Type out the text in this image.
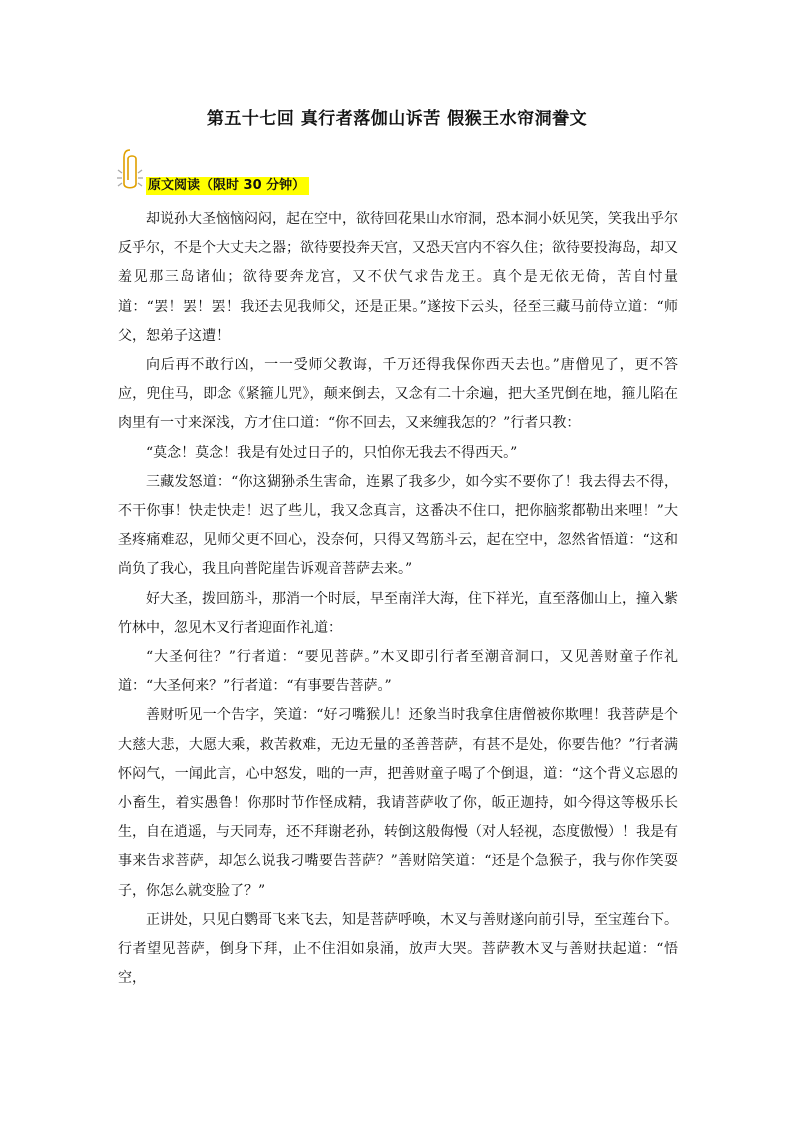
第五十七回 真行者落伽山诉苦 假猴王水帘洞誊文
原文阅读（限时 30 分钟）

却说孙大圣恼恼闷闷，起在空中，欲待回花果山水帘洞，恐本洞小妖见笑，笑我出乎尔反乎尔，不是个大丈夫之器；欲待要投奔天宫，又恐天宫内不容久住；欲待要投海岛，却又羞见那三岛诸仙；欲待要奔龙宫，又不伏气求告龙王。真个是无依无倚，苦自忖量道：“罢！罢！罢！我还去见我师父，还是正果。”遂按下云头，径至三藏马前侍立道：“师父，恕弟子这遭！

向后再不敢行凶，一一受师父教诲，千万还得我保你西天去也。”唐僧见了，更不答应，兜住马，即念《紧箍儿咒》，颠来倒去，又念有二十余遍，把大圣咒倒在地，箍儿陷在肉里有一寸来深浅，方才住口道：“你不回去，又来缠我怎的？”行者只教：

“莫念！莫念！我是有处过日子的，只怕你无我去不得西天。”

三藏发怒道：“你这猢狲杀生害命，连累了我多少，如今实不要你了！我去得去不得，不干你事！快走快走！迟了些儿，我又念真言，这番决不住口，把你脑浆都勒出来哩！”大圣疼痛难忍，见师父更不回心，没奈何，只得又驾筋斗云，起在空中，忽然省悟道：“这和尚负了我心，我且向普陀崖告诉观音菩萨去来。”

好大圣，拨回筋斗，那消一个时辰，早至南洋大海，住下祥光，直至落伽山上，撞入紫竹林中，忽见木叉行者迎面作礼道：

“大圣何往？”行者道：“要见菩萨。”木叉即引行者至潮音洞口，又见善财童子作礼道：“大圣何来？”行者道：“有事要告菩萨。”

善财听见一个告字，笑道：“好刁嘴猴儿！还象当时我拿住唐僧被你欺哩！我菩萨是个大慈大悲，大愿大乘，救苦救难，无边无量的圣善菩萨，有甚不是处，你要告他？”行者满怀闷气，一闻此言，心中怒发，咄的一声，把善财童子喝了个倒退，道：“这个背义忘恩的小畜生，着实愚鲁！你那时节作怪成精，我请菩萨收了你，皈正迦持，如今得这等极乐长生，自在逍遥，与天同寿，还不拜谢老孙，转倒这般侮慢（对人轻视，态度傲慢）！我是有事来告求菩萨，却怎么说我刁嘴要告菩萨？”善财陪笑道：“还是个急猴子，我与你作笑耍子，你怎么就变脸了？”

正讲处，只见白鹦哥飞来飞去，知是菩萨呼唤，木叉与善财遂向前引导，至宝莲台下。行者望见菩萨，倒身下拜，止不住泪如泉涌，放声大哭。菩萨教木叉与善财扶起道：“悟空，
